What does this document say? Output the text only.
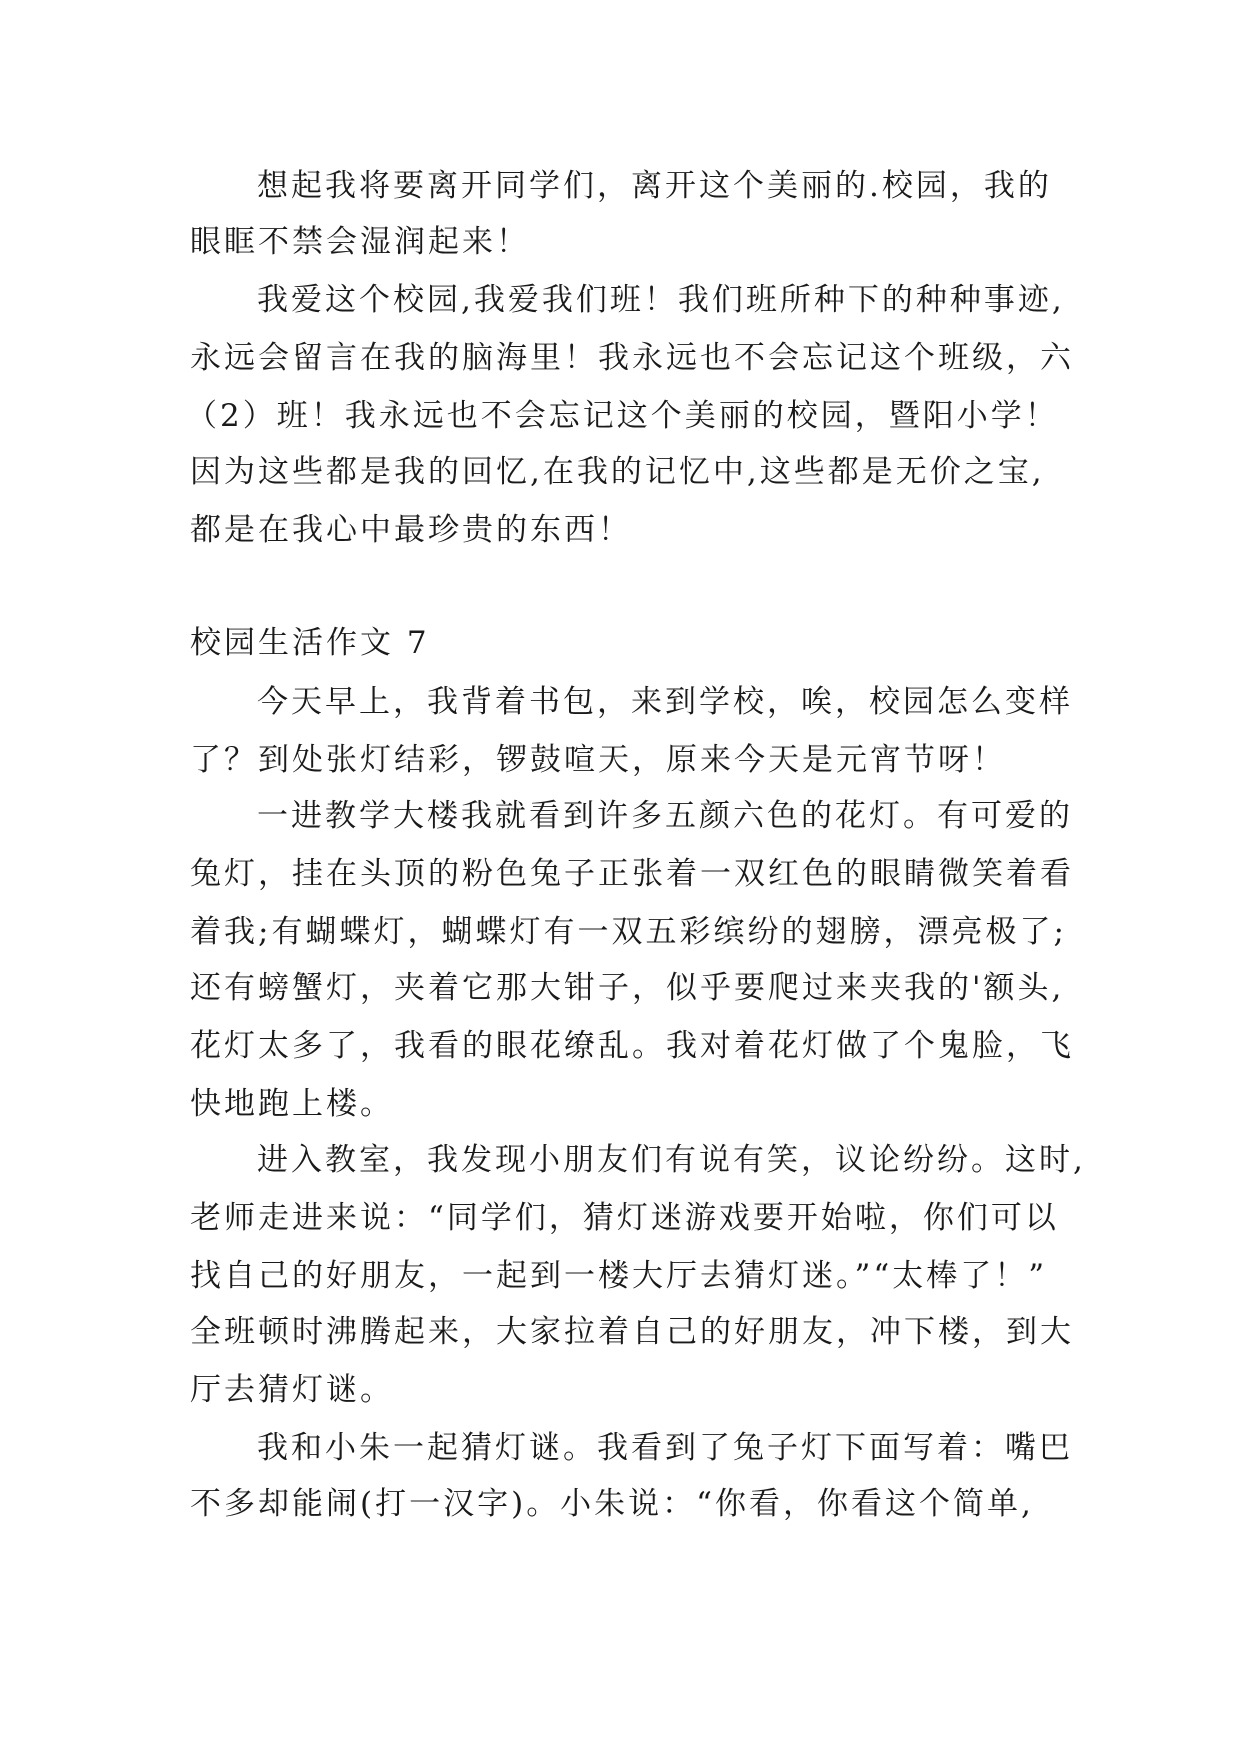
想起我将要离开同学们，离开这个美丽的.校园，我的
眼眶不禁会湿润起来！
我爱这个校园,我爱我们班！我们班所种下的种种事迹,
永远会留言在我的脑海里！我永远也不会忘记这个班级，六
（2）班！我永远也不会忘记这个美丽的校园，暨阳小学！
因为这些都是我的回忆,在我的记忆中,这些都是无价之宝,
都是在我心中最珍贵的东西！
校园生活作文 7
今天早上，我背着书包，来到学校，唉，校园怎么变样
了？到处张灯结彩，锣鼓喧天，原来今天是元宵节呀！
一进教学大楼我就看到许多五颜六色的花灯。有可爱的
兔灯，挂在头顶的粉色兔子正张着一双红色的眼睛微笑着看
着我;有蝴蝶灯，蝴蝶灯有一双五彩缤纷的翅膀，漂亮极了;
还有螃蟹灯，夹着它那大钳子，似乎要爬过来夹我的'额头,
花灯太多了，我看的眼花缭乱。我对着花灯做了个鬼脸，飞
快地跑上楼。
进入教室，我发现小朋友们有说有笑，议论纷纷。这时,
老师走进来说：“同学们，猜灯迷游戏要开始啦，你们可以
找自己的好朋友，一起到一楼大厅去猜灯迷。”“太棒了！”
全班顿时沸腾起来，大家拉着自己的好朋友，冲下楼，到大
厅去猜灯谜。
我和小朱一起猜灯谜。我看到了兔子灯下面写着：嘴巴
不多却能闹(打一汉字)。小朱说：“你看，你看这个简单,
